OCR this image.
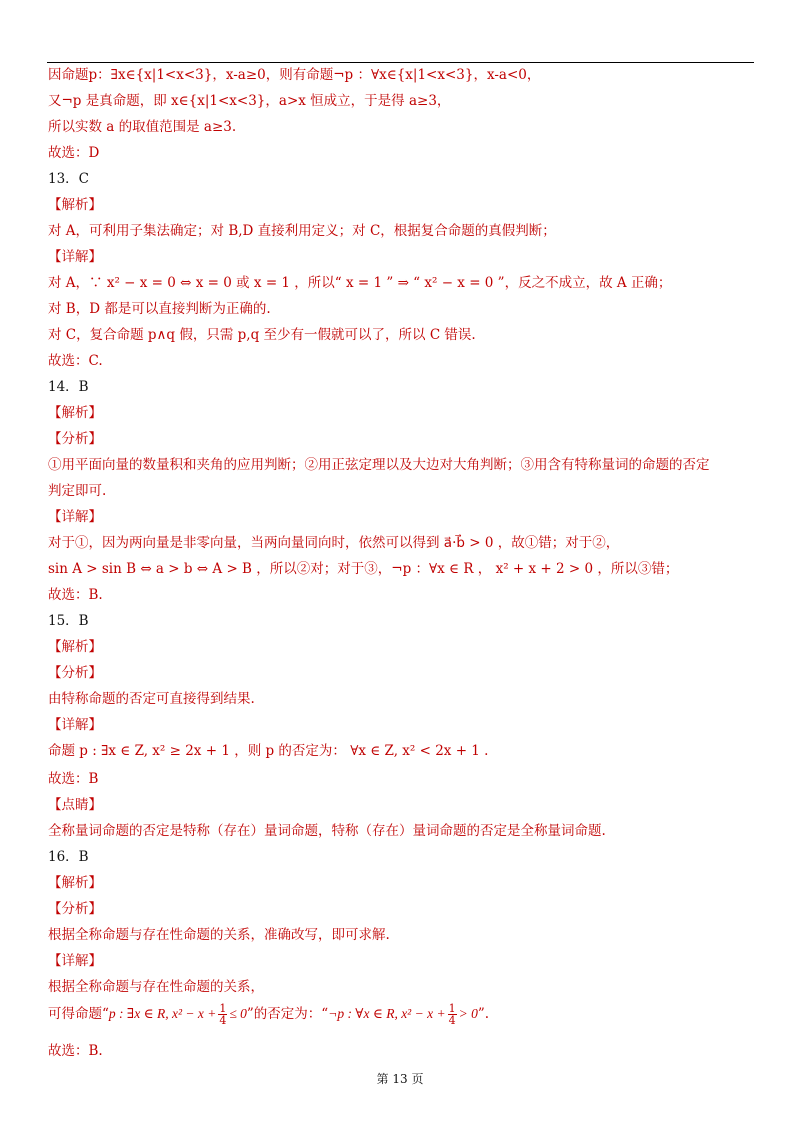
因命题p：∃x∈{x|1<x<3}，x-a≥0，则有命题¬p ：∀x∈{x|1<x<3}，x-a<0，
又¬p 是真命题，即 x∈{x|1<x<3}，a>x 恒成立，于是得 a≥3，
所以实数 a 的取值范围是 a≥3.
故选：D
13．C
【解析】
对 A，可利用子集法确定；对 B,D 直接利用定义；对 C，根据复合命题的真假判断；
【详解】
对 A，∵ x² − x = 0 ⇔ x = 0 或 x = 1 ，所以“ x = 1 ” ⇒ “ x² − x = 0 ”，反之不成立，故 A 正确；
对 B，D 都是可以直接判断为正确的.
对 C，复合命题 p∧q 假，只需 p,q 至少有一假就可以了，所以 C 错误.
故选：C.
14．B
【解析】
【分析】
①用平面向量的数量积和夹角的应用判断；②用正弦定理以及大边对大角判断；③用含有特称量词的命题的否定
判定即可.
【详解】
对于①，因为两向量是非零向量，当两向量同向时，依然可以得到 a⃗·b⃗ > 0 ，故①错；对于②，
sin A > sin B ⇔ a > b ⇔ A > B ，所以②对；对于③，¬p ：∀x ∈ R ， x² + x + 2 > 0 ，所以③错；
故选：B.
15．B
【解析】
【分析】
由特称命题的否定可直接得到结果.
【详解】
命题 p : ∃x ∈ Z, x² ≥ 2x + 1 ，则 p 的否定为： ∀x ∈ Z, x² < 2x + 1 .
故选：B
【点睛】
全称量词命题的否定是特称（存在）量词命题，特称（存在）量词命题的否定是全称量词命题.
16．B
【解析】
【分析】
根据全称命题与存在性命题的关系，准确改写，即可求解.
【详解】
根据全称命题与存在性命题的关系，
可得命题“p : ∃x ∈ R, $x^2 - x + \frac{1}{4} \le 0$”的否定为：“¬p : ∀x ∈ R, $x^2 - x + \frac{1}{4} > 0$”.
故选：B.
第 13 页
